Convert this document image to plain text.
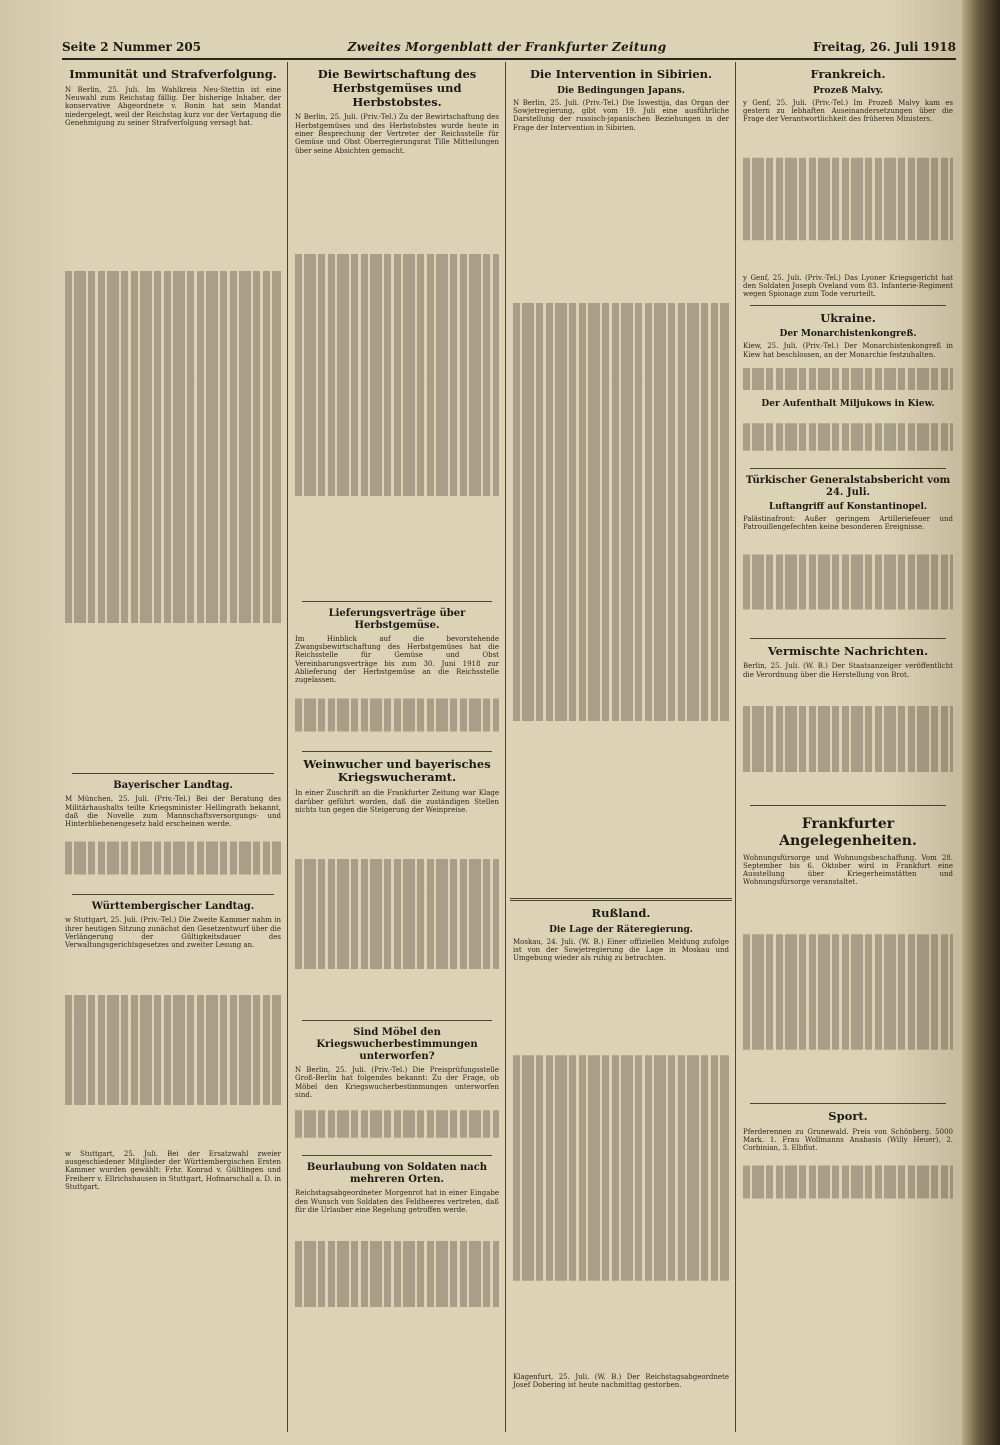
Seite 2 Nummer 205	Zweites Morgenblatt der Frankfurter Zeitung	Freitag, 26. Juli 1918
Immunität und Strafverfolgung.
N Berlin, 25. Juli. Im Wahlkreis Neu-Stettin ist eine Neuwahl zum Reichstag fällig. Der bisherige Inhaber, der konservative Abgeordnete v. Bonin hat sein Mandat niedergelegt, weil der Reichstag kurz vor der Vertagung die Genehmigung zu seiner Strafverfolgung versagt hat.
Bayerischer Landtag.
M München, 25. Juli. (Priv.-Tel.) Bei der Beratung des Militärhaushalts teilte Kriegsminister Hellingrath bekannt, daß die Novelle zum Mannschaftsversorgungs- und Hinterbliebenengesetz bald erscheinen werde.
Württembergischer Landtag.
w Stuttgart, 25. Juli. (Priv.-Tel.) Die Zweite Kammer nahm in ihrer heutigen Sitzung zunächst den Gesetzentwurf über die Verlängerung der Gültigkeitsdauer des Verwaltungsgerichtsgesetzes und zweiter Lesung an.
w Stuttgart, 25. Juli. Bei der Ersatzwahl zweier ausgeschiedener Mitglieder der Württembergischen Ersten Kammer wurden gewählt: Frhr. Konrad v. Gültlingen und Freiherr v. Ellrichshausen in Stuttgart, Hofmarschall a. D. in Stuttgart.
Die Bewirtschaftung des Herbstgemüses und Herbstobstes.
N Berlin, 25. Juli. (Priv.-Tel.) Zu der Bewirtschaftung des Herbstgemüses und des Herbstobstes wurde heute in einer Besprechung der Vertreter der Reichsstelle für Gemüse und Obst Oberregierungsrat Tille Mitteilungen über seine Absichten gemacht.
Lieferungsverträge über Herbstgemüse.
Im Hinblick auf die bevorstehende Zwangsbewirtschaftung des Herbstgemüses hat die Reichsstelle für Gemüse und Obst Vereinbarungsverträge bis zum 30. Juni 1918 zur Ablieferung der Herbstgemüse an die Reichsstelle zugelassen.
Weinwucher und bayerisches Kriegswucheramt.
In einer Zuschrift an die Frankfurter Zeitung war Klage darüber geführt worden, daß die zuständigen Stellen nichts tun gegen die Steigerung der Weinpreise.
Sind Möbel den Kriegswucherbestimmungen unterworfen?
N Berlin, 25. Juli. (Priv.-Tel.) Die Preisprüfungsstelle Groß-Berlin hat folgendes bekannt: Zu der Frage, ob Möbel den Kriegswucherbestimmungen unterworfen sind.
Beurlaubung von Soldaten nach mehreren Orten.
Reichstagsabgeordneter Morgenrot hat in einer Eingabe den Wunsch von Soldaten des Feldheeres vertreten, daß für die Urlauber eine Regelung getroffen werde.
Die Intervention in Sibirien.
Die Bedingungen Japans.
N Berlin, 25. Juli. (Priv.-Tel.) Die Iswestija, das Organ der Sowjetregierung, gibt vom 19. Juli eine ausführliche Darstellung der russisch-japanischen Beziehungen in der Frage der Intervention in Sibirien.
Rußland.
Die Lage der Räteregierung.
Moskau, 24. Juli. (W. B.) Einer offiziellen Meldung zufolge ist von der Sowjetregierung die Lage in Moskau und Umgebung wieder als ruhig zu betrachten.
Klagenfurt, 25. Juli. (W. B.) Der Reichstagsabgeordnete Josef Dobering ist heute nachmittag gestorben.
Frankreich.
Prozeß Malvy.
y Genf, 25. Juli. (Priv.-Tel.) Im Prozeß Malvy kam es gestern zu lebhaften Auseinandersetzungen über die Frage der Verantwortlichkeit des früheren Ministers.
y Genf, 25. Juli. (Priv.-Tel.) Das Lyoner Kriegsgericht hat den Soldaten Joseph Oveland vom 83. Infanterie-Regiment wegen Spionage zum Tode verurteilt.
Ukraine.
Der Monarchistenkongreß.
Kiew, 25. Juli. (Priv.-Tel.) Der Monarchistenkongreß in Kiew hat beschlossen, an der Monarchie festzuhalten.
Der Aufenthalt Miljukows in Kiew.
Türkischer Generalstabsbericht vom 24. Juli.
Luftangriff auf Konstantinopel.
Palästinafront: Außer geringem Artilleriefeuer und Patrouillengefechten keine besonderen Ereignisse.
Vermischte Nachrichten.
Berlin, 25. Juli. (W. B.) Der Staatsanzeiger veröffentlicht die Verordnung über die Herstellung von Brot.
Frankfurter Angelegenheiten.
Wohnungsfürsorge und Wohnungsbeschaffung. Vom 28. September bis 6. Oktober wird in Frankfurt eine Ausstellung über Kriegerheimstätten und Wohnungsfürsorge veranstaltet.
Sport.
Pferderennen zu Grunewald. Preis von Schönberg. 5000 Mark. 1. Frau Wollmanns Anabasis (Willy Heuer), 2. Corbinian, 3. Elbflut.
